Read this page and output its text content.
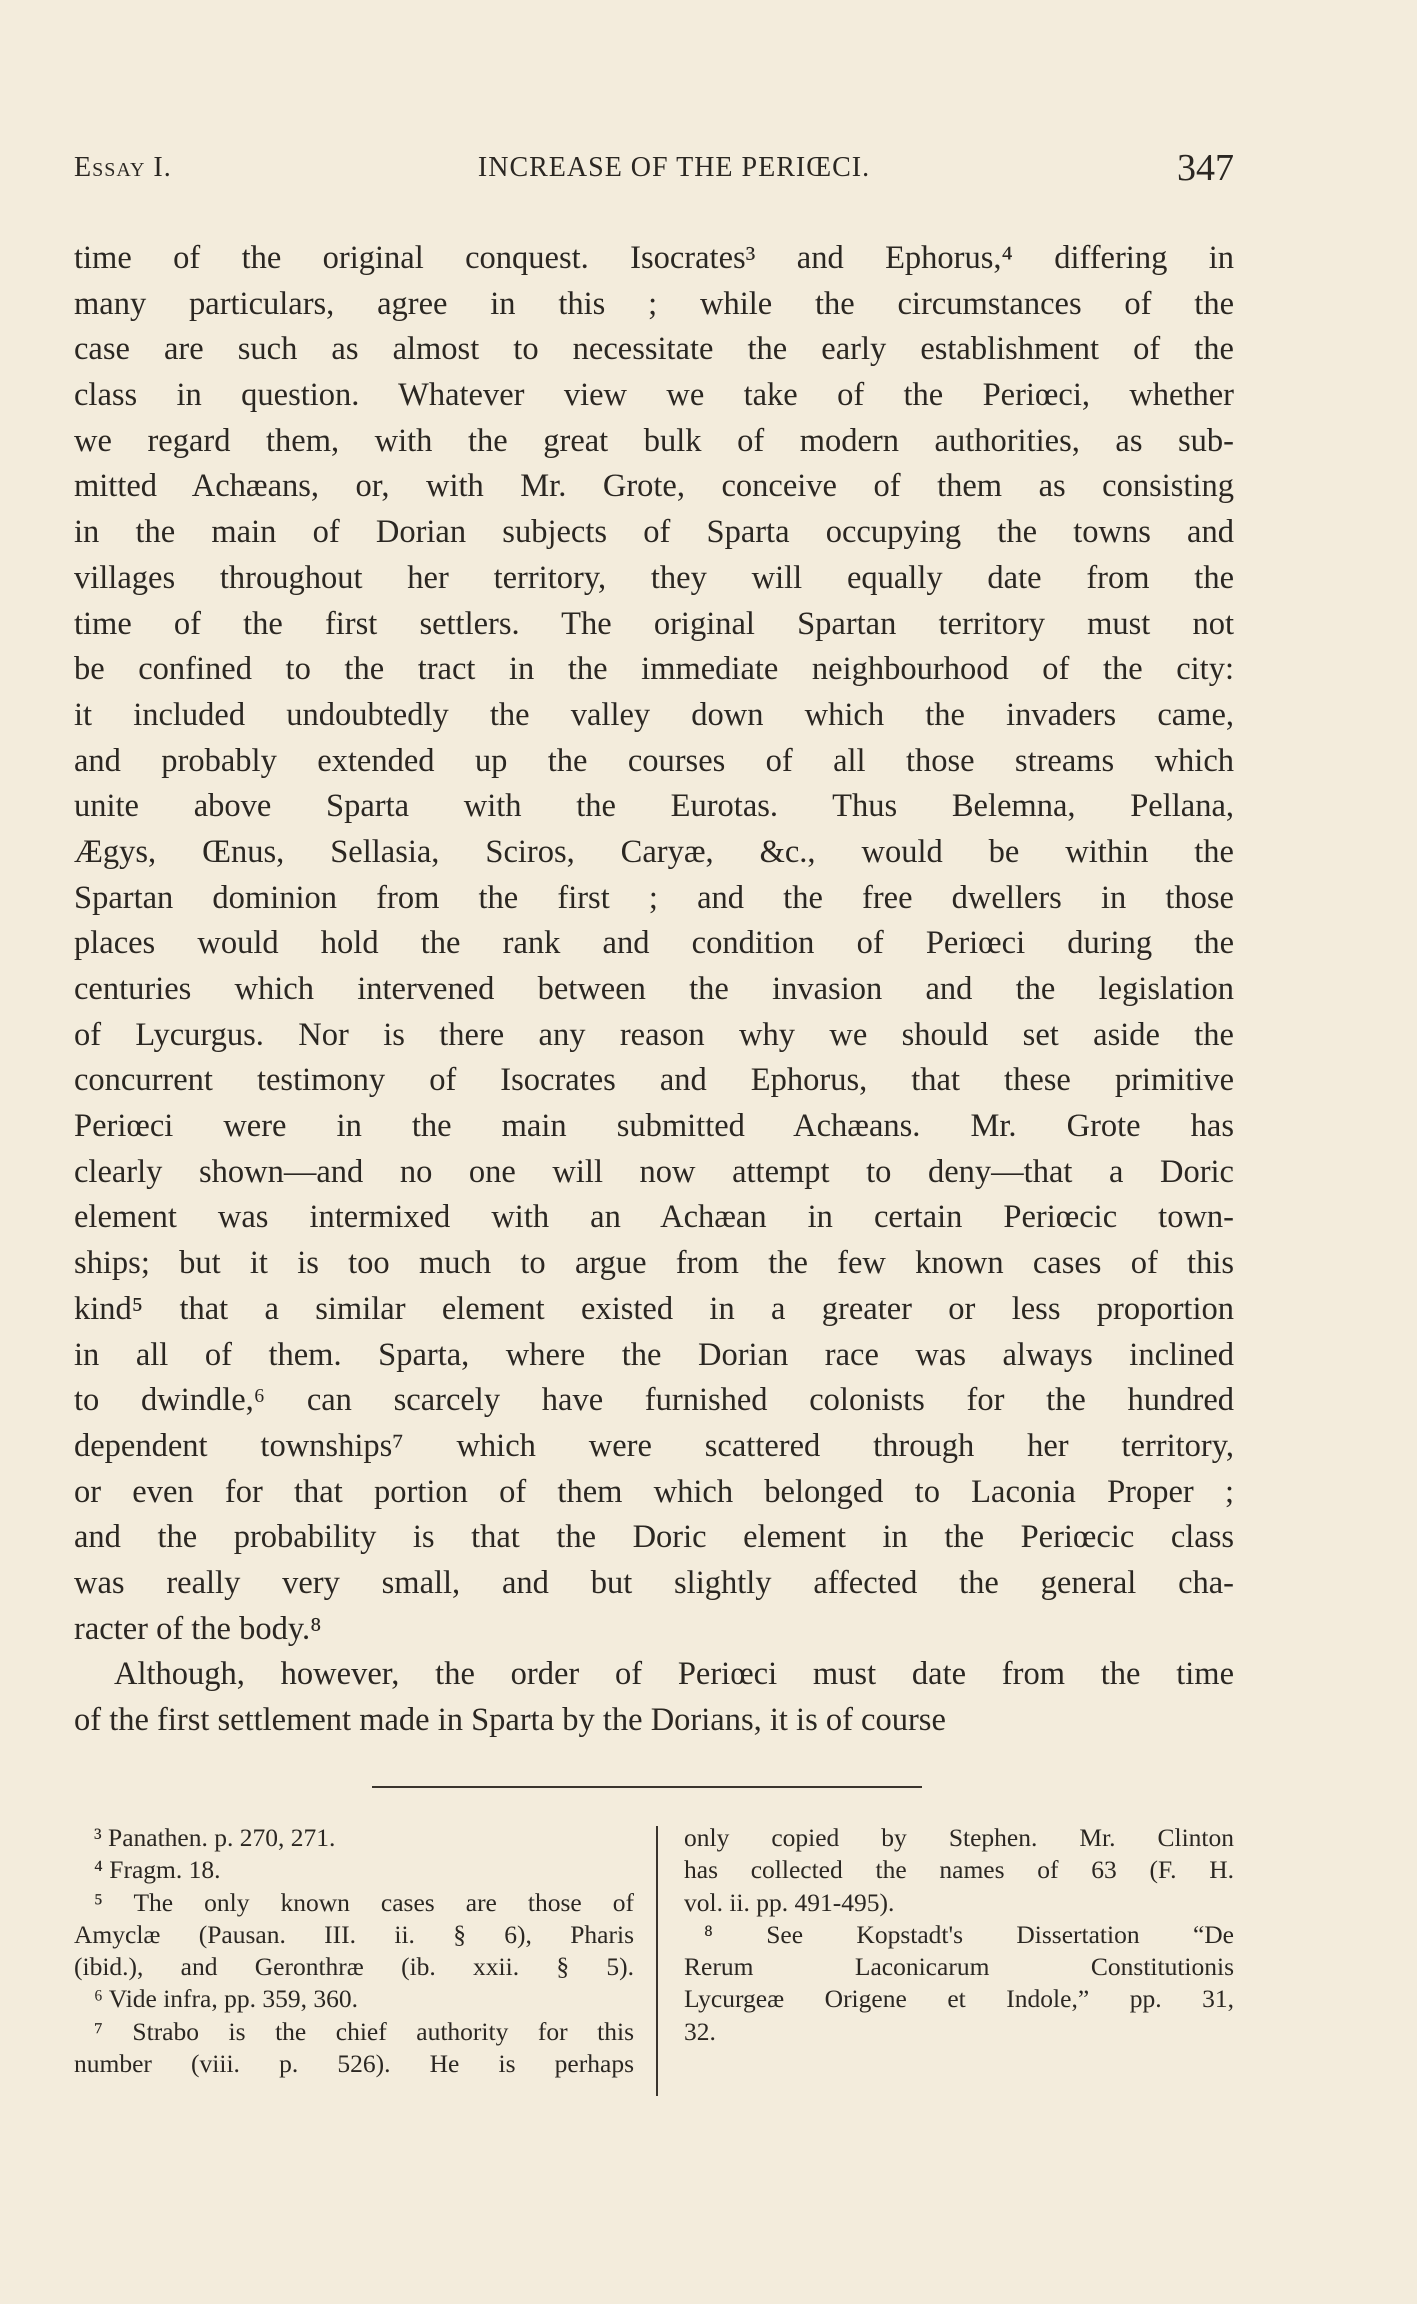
Essay I.	INCREASE OF THE PERIŒCI.	347
time of the original conquest. Isocrates³ and Ephorus,⁴ differing in
many particulars, agree in this ; while the circumstances of the
case are such as almost to necessitate the early establishment of the
class in question. Whatever view we take of the Periœci, whether
we regard them, with the great bulk of modern authorities, as sub-
mitted Achæans, or, with Mr. Grote, conceive of them as consisting
in the main of Dorian subjects of Sparta occupying the towns and
villages throughout her territory, they will equally date from the
time of the first settlers. The original Spartan territory must not
be confined to the tract in the immediate neighbourhood of the city:
it included undoubtedly the valley down which the invaders came,
and probably extended up the courses of all those streams which
unite above Sparta with the Eurotas. Thus Belemna, Pellana,
Ægys, Œnus, Sellasia, Sciros, Caryæ, &c., would be within the
Spartan dominion from the first ; and the free dwellers in those
places would hold the rank and condition of Periœci during the
centuries which intervened between the invasion and the legislation
of Lycurgus. Nor is there any reason why we should set aside the
concurrent testimony of Isocrates and Ephorus, that these primitive
Periœci were in the main submitted Achæans. Mr. Grote has
clearly shown—and no one will now attempt to deny—that a Doric
element was intermixed with an Achæan in certain Periœcic town-
ships; but it is too much to argue from the few known cases of this
kind⁵ that a similar element existed in a greater or less proportion
in all of them. Sparta, where the Dorian race was always inclined
to dwindle,⁶ can scarcely have furnished colonists for the hundred
dependent townships⁷ which were scattered through her territory,
or even for that portion of them which belonged to Laconia Proper ;
and the probability is that the Doric element in the Periœcic class
was really very small, and but slightly affected the general cha-
racter of the body.⁸
Although, however, the order of Periœci must date from the time
of the first settlement made in Sparta by the Dorians, it is of course
³ Panathen. p. 270, 271.
⁴ Fragm. 18.
⁵ The only known cases are those of
Amyclæ (Pausan. III. ii. § 6), Pharis
(ibid.), and Geronthræ (ib. xxii. § 5).
⁶ Vide infra, pp. 359, 360.
⁷ Strabo is the chief authority for this
number (viii. p. 526). He is perhaps
only copied by Stephen. Mr. Clinton
has collected the names of 63 (F. H.
vol. ii. pp. 491-495).
⁸ See Kopstadt's Dissertation “De
Rerum Laconicarum Constitutionis
Lycurgeæ Origene et Indole,” pp. 31,
32.
